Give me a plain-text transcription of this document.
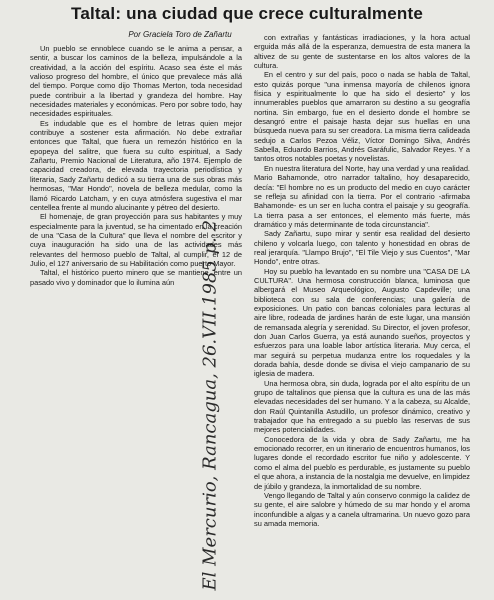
Taltal: una ciudad que crece culturalmente
Por Graciela Toro de Zañartu
El Mercurio, Rancagua, 26.VII.1985 p. 2

Un pueblo se ennoblece cuando se le anima a pensar, a sentir, a buscar los caminos de la belleza, impulsándole a la creatividad, a la acción del espíritu. Acaso sea éste el más valioso progreso del hombre, el único que prevalece más allá del tiempo. Porque como dijo Thomas Merton, toda necesidad puede contribuir a la libertad y grandeza del hombre. Hay necesidades materiales y económicas. Pero por sobre todo, hay necesidades espirituales.

Es indudable que es el hombre de letras quien mejor contribuye a sostener esta afirmación. No debe extrañar entonces que Taltal, que fuera un remezón histórico en la epopeya del salitre, que fuera su culto espiritual, a Sady Zañartu, Premio Nacional de Literatura, año 1974. Ejemplo de capacidad creadora, de elevada trayectoria periodística y literaria, Sady Zañartu dedicó a su tierra una de sus obras más hermosas, "Mar Hondo", novela de belleza medular, como la llamó Ricardo Latcham, y en cuya atmósfera sugestiva el mar centellea frente al mundo alucinante y pétreo del desierto.

El homenaje, de gran proyección para sus habitantes y muy especialmente para la juventud, se ha cimentado en la creación de una "Casa de la Cultura" que lleva el nombre del escritor y cuya inauguración ha sido una de las actividades más relevantes del hermoso pueblo de Taltal, al cumplir, el 12 de Julio, el 127 aniversario de su Habilitación como puerto Mayor.

Taltal, el histórico puerto minero que se mantiene, entre un pasado vivo y dominador que lo ilumina aún

con extrañas y fantásticas irradiaciones, y la hora actual erguida más allá de la esperanza, demuestra de esta manera la altivez de su gente de sustentarse en los altos valores de la cultura.

En el centro y sur del país, poco o nada se habla de Taltal, esto quizás porque "una inmensa mayoría de chilenos ignora física y espiritualmente lo que ha sido el desierto" y los innumerables pueblos que amarraron su destino a su geografía nortina. Sin embargo, fue en el desierto donde el hombre se desangró entre el paisaje hasta dejar sus huellas en una búsqueda nueva para su ser creadora. La misma tierra calideada sedujo a Carlos Pezoa Véliz, Víctor Domingo Silva, Andrés Sabella, Eduardo Barrios, Andrés Garáfulic, Salvador Reyes. Y a tantos otros notables poetas y novelistas.

En nuestra literatura del Norte, hay una verdad y una realidad. Mario Bahamonde, otro narrador taltalino, hoy desaparecido, decía: "El hombre no es un producto del medio en cuyo carácter se refleja su afinidad con la tierra. Por el contrario -afirmaba Bahamonde- es un ser en lucha contra el paisaje y su geografía. La tierra pasa a ser entonces, el elemento más fuerte, más dramático y más determinante de toda circunstancia".

Sady Zañartu, supo mirar y sentir esa realidad del desierto chileno y volcarla luego, con talento y honestidad en obras de real jerarquía. "Llampo Brujo", "El Tile Viejo y sus Cuentos", "Mar Hondo", entre otras.

Hoy su pueblo ha levantado en su nombre una "CASA DE LA CULTURA". Una hermosa construcción blanca, luminosa que albergará el Museo Arqueológico, Augusto Capdeville; una biblioteca con su sala de conferencias; una galería de exposiciones. Un patio con bancas coloniales para lecturas al aire libre, rodeada de jardines harán de este lugar, una mansión de remansada alegría y serenidad. Su Director, el joven profesor, don Juan Carlos Guerra, ya está aunando sueños, proyectos y esfuerzos para una loable labor artística literaria. Muy cerca, el mar seguirá su perpetua mudanza entre los roquedales y la dorada bahía, desde donde se divisa el viejo campanario de su iglesia de madera.

Una hermosa obra, sin duda, lograda por el alto espíritu de un grupo de taltalinos que piensa que la cultura es una de las más elevadas necesidades del ser humano. Y a la cabeza, su Alcalde, don Raúl Quintanilla Astudillo, un profesor dinámico, creativo y trabajador que ha entregado a su pueblo las reservas de sus mejores potencialidades.

Conocedora de la vida y obra de Sady Zañartu, me ha emocionado recorrer, en un itinerario de encuentros humanos, los lugares donde el recordado escritor fue niño y adolescente. Y como el alma del pueblo es perdurable, es justamente su pueblo el que ahora, a instancia de la nostalgia me devuelve, en limpidez de júbilo y grandeza, la inmortalidad de su nombre.

Vengo llegando de Taltal y aún conservo conmigo la calidez de su gente, el aire salobre y húmedo de su mar hondo y el aroma inconfundible a algas y a canela ultramarina. Un nuevo gozo para su amada memoria.
